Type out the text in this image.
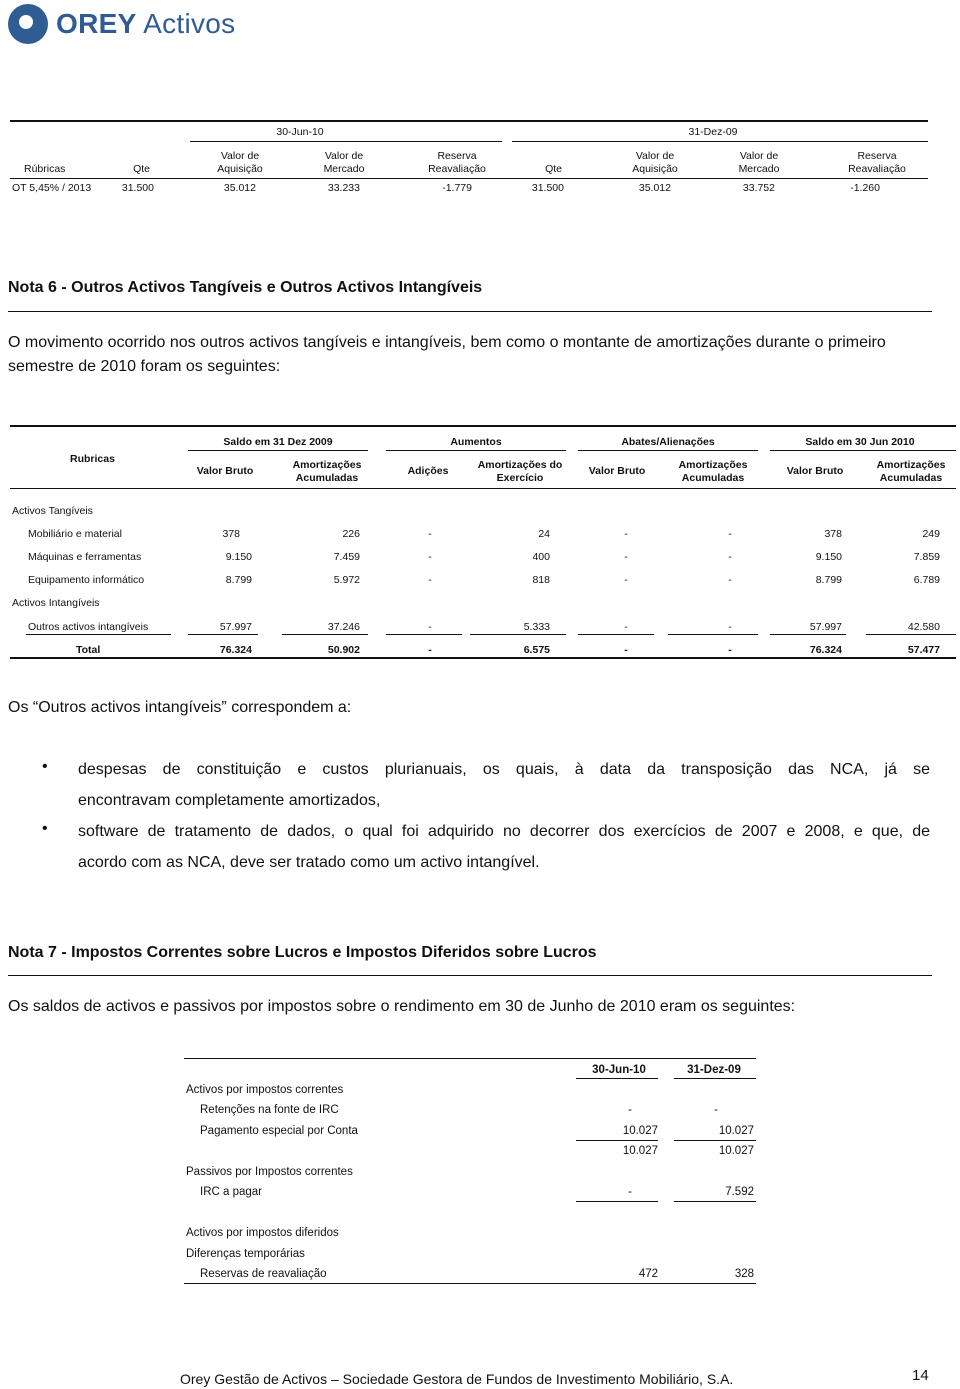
OREY Activos
30-Jun-10	31-Dez-09
Rúbricas	Qte
Valor de
Aquisição
Valor de
Mercado
Reserva
Reavaliação	Qte
Valor de
Aquisição
Valor de
Mercado
Reserva
Reavaliação
OT 5,45% / 2013	31.500	35.012	33.233	-1.779	31.500	35.012	33.752	-1.260
Nota 6 - Outros Activos Tangíveis e Outros Activos Intangíveis
O movimento ocorrido nos outros activos tangíveis e intangíveis, bem como o montante de amortizações durante o primeiro semestre de 2010 foram os seguintes:
Saldo em 31 Dez 2009	Aumentos	Abates/Alienações	Saldo em 30 Jun 2010
Rubricas
Valor Bruto	Amortizações
Acumuladas
Adições	Amortizações do
Exercício
Valor Bruto	Amortizações
Acumuladas
Valor Bruto	Amortizações
Acumuladas
Activos Tangíveis
Mobiliário e material	378	226	-	24	-	-	378	249
Máquinas e ferramentas	9.150	7.459	-	400	-	-	9.150	7.859
Equipamento informático	8.799	5.972	-	818	-	-	8.799	6.789
Activos Intangíveis
Outros activos intangíveis	57.997	37.246	-	5.333	-	-	57.997	42.580
Total	76.324	50.902	-	6.575	-	-	76.324	57.477
Os “Outros activos intangíveis” correspondem a:
• despesas de constituição e custos plurianuais, os quais, à data da transposição das NCA, já se
encontravam completamente amortizados,
• software de tratamento de dados, o qual foi adquirido no decorrer dos exercícios de 2007 e 2008, e que, de
acordo com as NCA, deve ser tratado como um activo intangível.
Nota 7 - Impostos Correntes sobre Lucros e Impostos Diferidos sobre Lucros
Os saldos de activos e passivos por impostos sobre o rendimento em 30 de Junho de 2010 eram os seguintes:
30-Jun-10	31-Dez-09
Activos por impostos correntes
Retenções na fonte de IRC	-	-
Pagamento especial por Conta	10.027	10.027
10.027	10.027
Passivos por Impostos correntes
IRC a pagar	-	7.592
Activos por impostos diferidos
Diferenças temporárias
Reservas de reavaliação	472	328
Orey Gestão de Activos – Sociedade Gestora de Fundos de Investimento Mobiliário, S.A.	14
